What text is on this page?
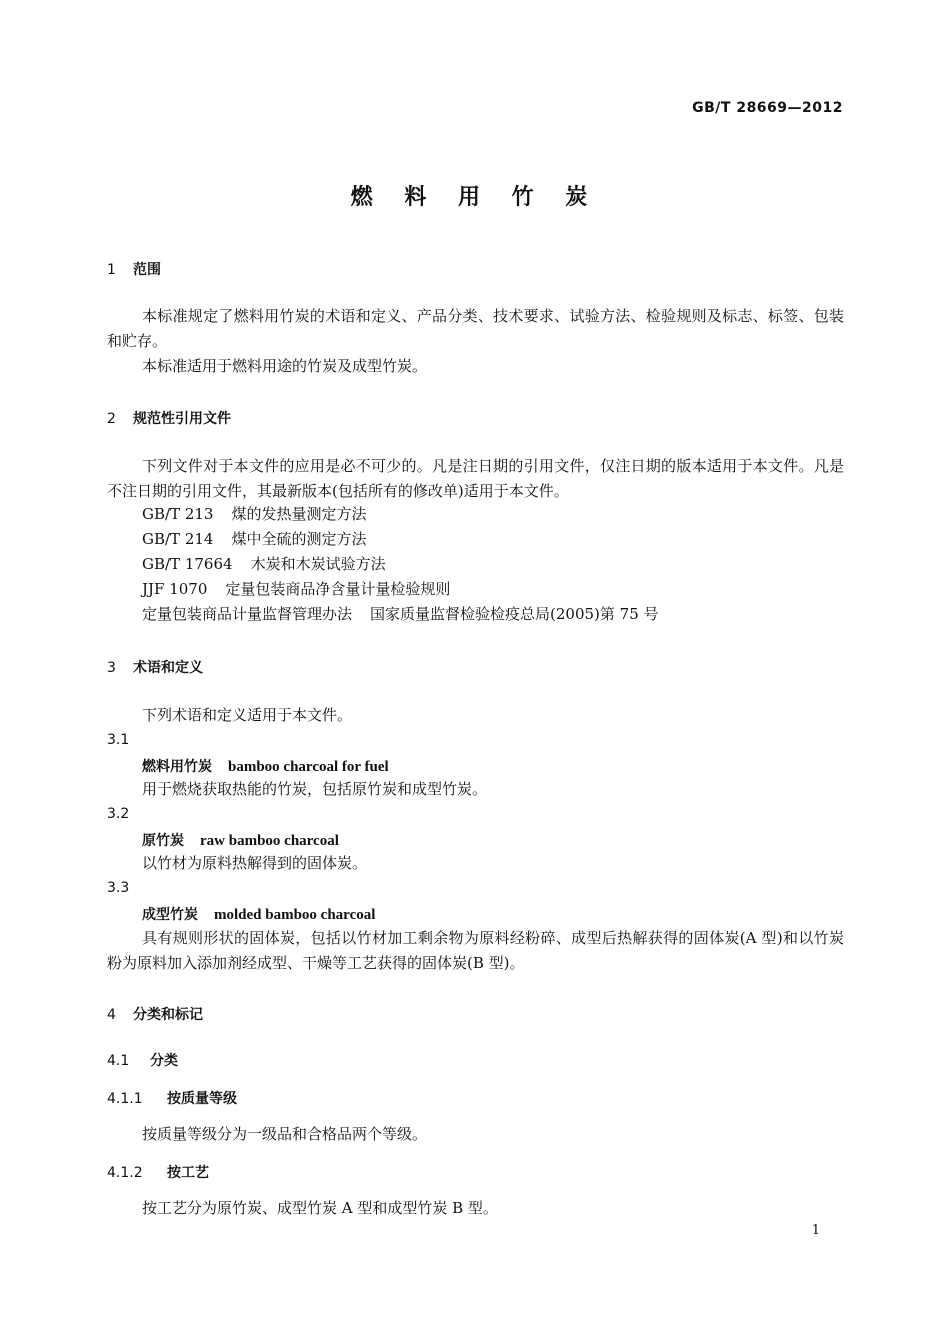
GB/T 28669—2012
燃 料 用 竹 炭
1 范围
本标准规定了燃料用竹炭的术语和定义、产品分类、技术要求、试验方法、检验规则及标志、标签、包装和贮存。
本标准适用于燃料用途的竹炭及成型竹炭。
2 规范性引用文件
下列文件对于本文件的应用是必不可少的。凡是注日期的引用文件，仅注日期的版本适用于本文件。凡是不注日期的引用文件，其最新版本(包括所有的修改单)适用于本文件。
GB/T 213 煤的发热量测定方法
GB/T 214 煤中全硫的测定方法
GB/T 17664 木炭和木炭试验方法
JJF 1070 定量包装商品净含量计量检验规则
定量包装商品计量监督管理办法 国家质量监督检验检疫总局(2005)第 75 号
3 术语和定义
下列术语和定义适用于本文件。
3.1
燃料用竹炭 bamboo charcoal for fuel
用于燃烧获取热能的竹炭，包括原竹炭和成型竹炭。
3.2
原竹炭 raw bamboo charcoal
以竹材为原料热解得到的固体炭。
3.3
成型竹炭 molded bamboo charcoal
具有规则形状的固体炭，包括以竹材加工剩余物为原料经粉碎、成型后热解获得的固体炭(A 型)和以竹炭粉为原料加入添加剂经成型、干燥等工艺获得的固体炭(B 型)。
4 分类和标记
4.1 分类
4.1.1 按质量等级
按质量等级分为一级品和合格品两个等级。
4.1.2 按工艺
按工艺分为原竹炭、成型竹炭 A 型和成型竹炭 B 型。
1
